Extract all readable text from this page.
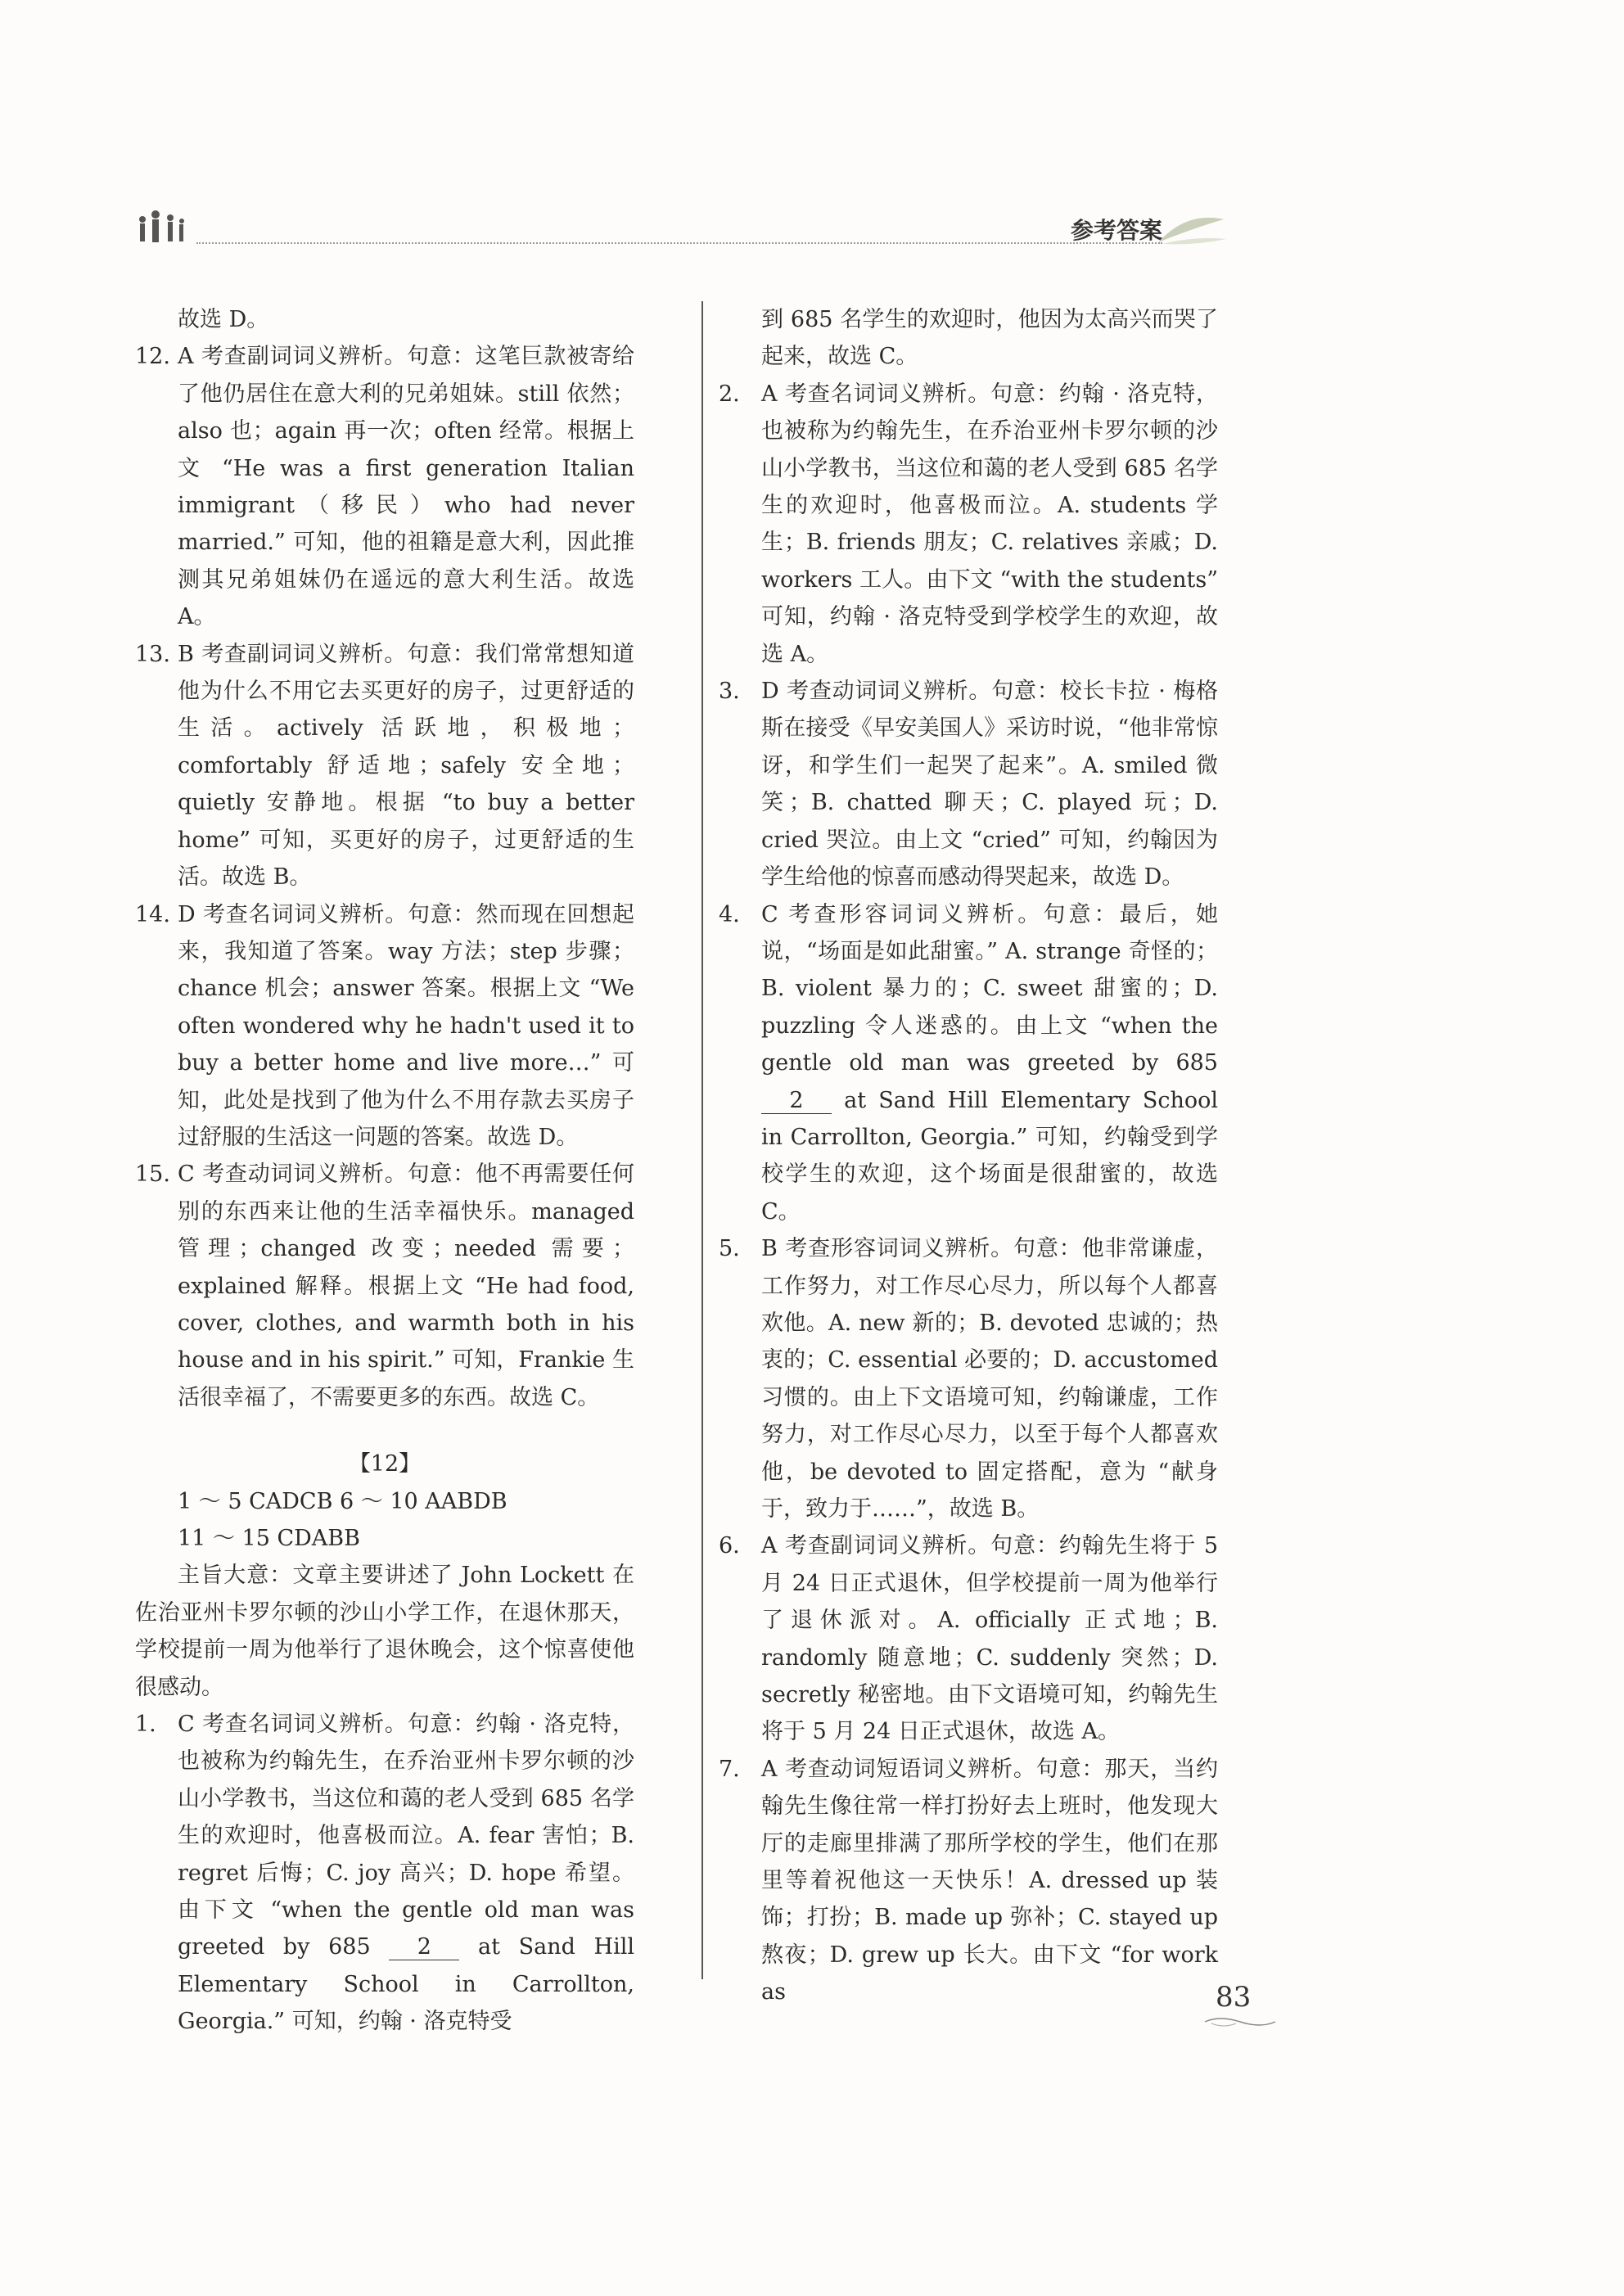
参考答案

故选 D。

12. A 考查副词词义辨析。句意：这笔巨款被寄给了他仍居住在意大利的兄弟姐妹。still 依然；also 也；again 再一次；often 经常。根据上文 “He was a first generation Italian immigrant（移民）who had never married.” 可知，他的祖籍是意大利，因此推测其兄弟姐妹仍在遥远的意大利生活。故选 A。
13. B 考查副词词义辨析。句意：我们常常想知道他为什么不用它去买更好的房子，过更舒适的生活。actively 活跃地，积极地；comfortably 舒适地；safely 安全地；quietly 安静地。根据 “to buy a better home” 可知，买更好的房子，过更舒适的生活。故选 B。
14. D 考查名词词义辨析。句意：然而现在回想起来，我知道了答案。way 方法；step 步骤；chance 机会；answer 答案。根据上文 “We often wondered why he hadn't used it to buy a better home and live more…” 可知，此处是找到了他为什么不用存款去买房子过舒服的生活这一问题的答案。故选 D。
15. C 考查动词词义辨析。句意：他不再需要任何别的东西来让他的生活幸福快乐。managed 管理；changed 改变；needed 需要；explained 解释。根据上文 “He had food, cover, clothes, and warmth both in his house and in his spirit.” 可知，Frankie 生活很幸福了，不需要更多的东西。故选 C。
【12】
1 ～ 5 CADCB 6 ～ 10 AABDB
11 ～ 15 CDABB

主旨大意：文章主要讲述了 John Lockett 在佐治亚州卡罗尔顿的沙山小学工作，在退休那天，学校提前一周为他举行了退休晚会，这个惊喜使他很感动。

1. C 考查名词词义辨析。句意：约翰 · 洛克特，也被称为约翰先生，在乔治亚州卡罗尔顿的沙山小学教书，当这位和蔼的老人受到 685 名学生的欢迎时，他喜极而泣。A. fear 害怕；B. regret 后悔；C. joy 高兴；D. hope 希望。由下文 “when the gentle old man was greeted by 685 2 at Sand Hill Elementary School in Carrollton, Georgia.” 可知，约翰 · 洛克特受

到 685 名学生的欢迎时，他因为太高兴而哭了起来，故选 C。

2. A 考查名词词义辨析。句意：约翰 · 洛克特，也被称为约翰先生，在乔治亚州卡罗尔顿的沙山小学教书，当这位和蔼的老人受到 685 名学生的欢迎时，他喜极而泣。A. students 学生；B. friends 朋友；C. relatives 亲戚；D. workers 工人。由下文 “with the students” 可知，约翰 · 洛克特受到学校学生的欢迎，故选 A。
3. D 考查动词词义辨析。句意：校长卡拉 · 梅格斯在接受《早安美国人》采访时说，“他非常惊讶，和学生们一起哭了起来”。A. smiled 微笑；B. chatted 聊天；C. played 玩；D. cried 哭泣。由上文 “cried” 可知，约翰因为学生给他的惊喜而感动得哭起来，故选 D。
4. C 考查形容词词义辨析。句意：最后，她说，“场面是如此甜蜜。” A. strange 奇怪的；B. violent 暴力的；C. sweet 甜蜜的；D. puzzling 令人迷惑的。由上文 “when the gentle old man was greeted by 685 2 at Sand Hill Elementary School in Carrollton, Georgia.” 可知，约翰受到学校学生的欢迎，这个场面是很甜蜜的，故选 C。
5. B 考查形容词词义辨析。句意：他非常谦虚，工作努力，对工作尽心尽力，所以每个人都喜欢他。A. new 新的；B. devoted 忠诚的；热衷的；C. essential 必要的；D. accustomed 习惯的。由上下文语境可知，约翰谦虚，工作努力，对工作尽心尽力，以至于每个人都喜欢他，be devoted to 固定搭配，意为 “献身于，致力于……”，故选 B。
6. A 考查副词词义辨析。句意：约翰先生将于 5 月 24 日正式退休，但学校提前一周为他举行了退休派对。A. officially 正式地；B. randomly 随意地；C. suddenly 突然；D. secretly 秘密地。由下文语境可知，约翰先生将于 5 月 24 日正式退休，故选 A。
7. A 考查动词短语词义辨析。句意：那天，当约翰先生像往常一样打扮好去上班时，他发现大厅的走廊里排满了那所学校的学生，他们在那里等着祝他这一天快乐！A. dressed up 装饰；打扮；B. made up 弥补；C. stayed up 熬夜；D. grew up 长大。由下文 “for work as	83
